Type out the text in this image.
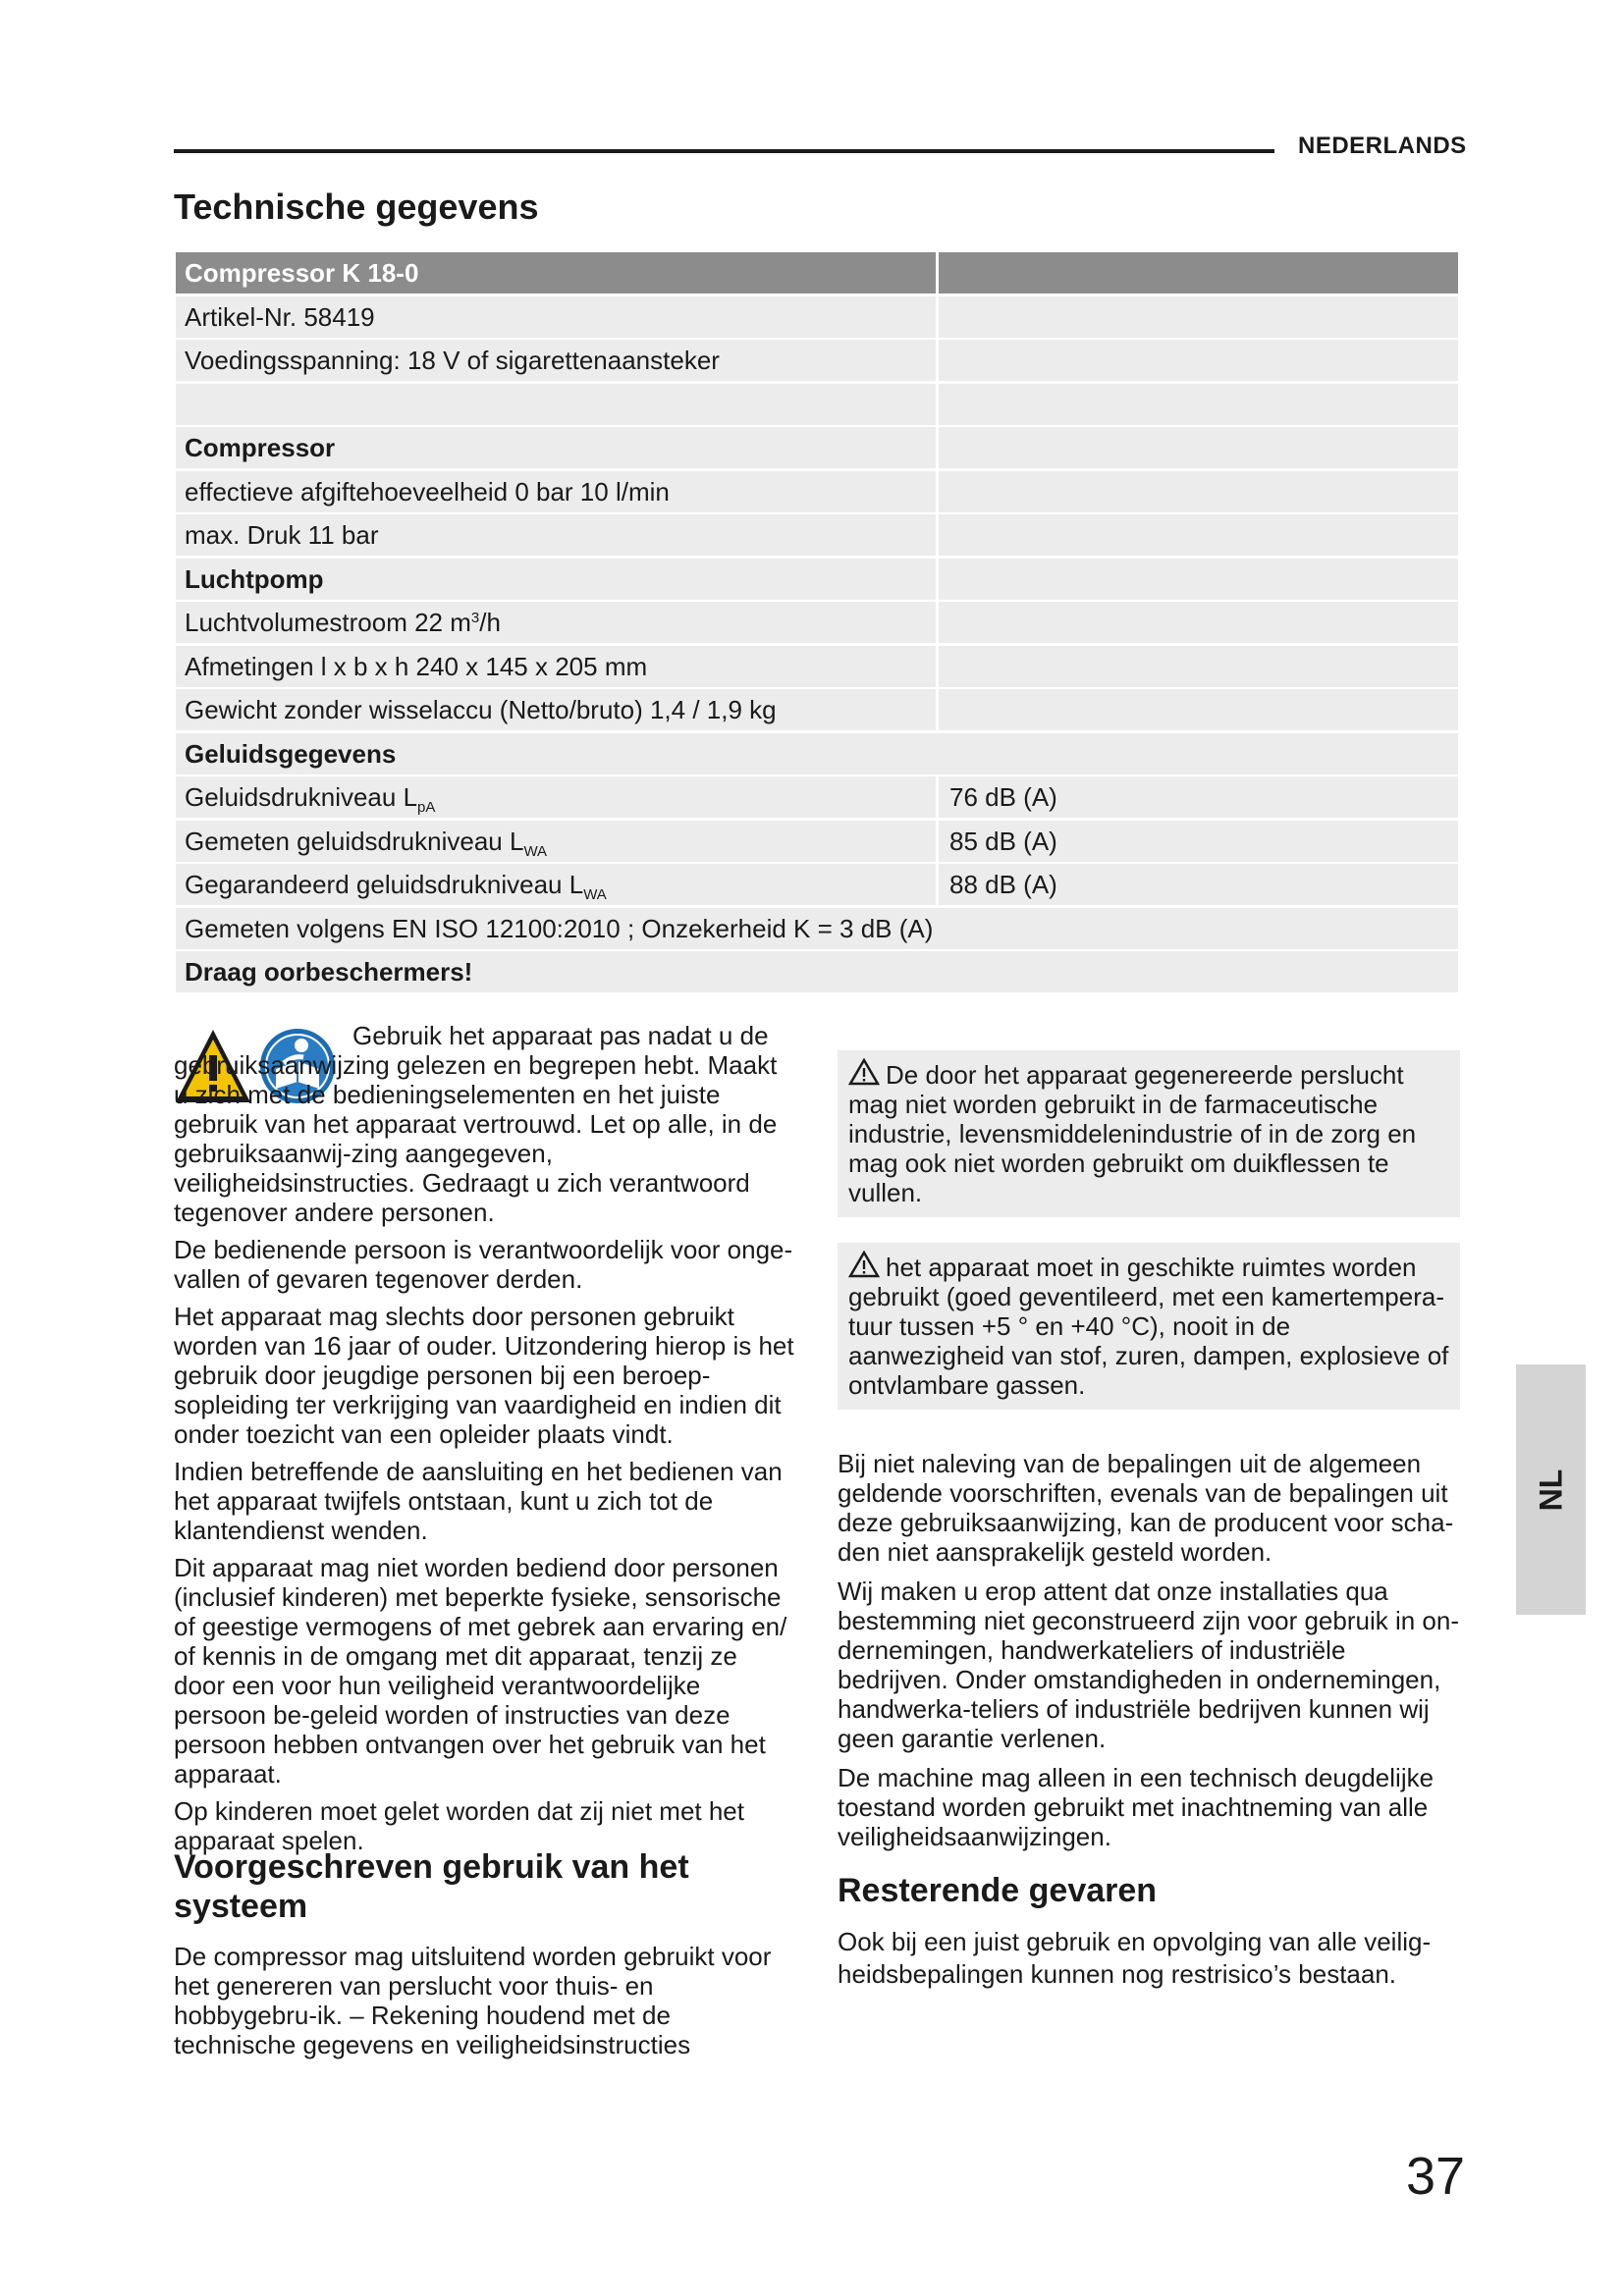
NEDERLANDS
Technische gegevens
Compressor K 18-0
Artikel-Nr. 58419
Voedingsspanning: 18 V of sigarettenaansteker
Compressor
effectieve afgiftehoeveelheid 0 bar 10 l/min
max. Druk 11 bar
Luchtpomp
Luchtvolumestroom 22 $m^3/h$
Afmetingen l x b x h 240 x 145 x 205 mm
Gewicht zonder wisselaccu (Netto/bruto) 1,4 / 1,9 kg
Geluidsgegevens
Geluidsdrukniveau $L_{pA}$	76 dB (A)
Gemeten geluidsdrukniveau $L_{WA}$	85 dB (A)
Gegarandeerd geluidsdrukniveau $L_{WA}$	88 dB (A)
Gemeten volgens EN ISO 12100:2010 ; Onzekerheid K = 3 dB (A)
Draag oorbeschermers!

Gebruik het apparaat pas nadat u de gebruiksaanwijzing gelezen en begrepen hebt. Maakt u zich met de bedieningselementen en het juiste gebruik van het apparaat vertrouwd. Let op alle, in de gebruiksaanwij-zing aangegeven, veiligheidsinstructies. Gedraagt u zich verantwoord tegenover andere personen.

De bedienende persoon is verantwoordelijk voor onge-vallen of gevaren tegenover derden.

Het apparaat mag slechts door personen gebruikt worden van 16 jaar of ouder. Uitzondering hierop is het gebruik door jeugdige personen bij een beroep-sopleiding ter verkrijging van vaardigheid en indien dit onder toezicht van een opleider plaats vindt.

Indien betreffende de aansluiting en het bedienen van het apparaat twijfels ontstaan, kunt u zich tot de klantendienst wenden.

Dit apparaat mag niet worden bediend door personen (inclusief kinderen) met beperkte fysieke, sensorische of geestige vermogens of met gebrek aan ervaring en/ of kennis in de omgang met dit apparaat, tenzij ze door een voor hun veiligheid verantwoordelijke persoon be-geleid worden of instructies van deze persoon hebben ontvangen over het gebruik van het apparaat.

Op kinderen moet gelet worden dat zij niet met het apparaat spelen.

Voorgeschreven gebruik van het systeem

De compressor mag uitsluitend worden gebruikt voor het genereren van perslucht voor thuis- en hobbygebru-ik. – Rekening houdend met de technische gegevens en veiligheidsinstructies

De door het apparaat gegenereerde perslucht mag niet worden gebruikt in de farmaceutische industrie, levensmiddelenindustrie of in de zorg en mag ook niet worden gebruikt om duikflessen te vullen.

het apparaat moet in geschikte ruimtes worden gebruikt (goed geventileerd, met een kamertempera-tuur tussen +5 ° en +40 °C), nooit in de aanwezigheid van stof, zuren, dampen, explosieve of ontvlambare gassen.

Bij niet naleving van de bepalingen uit de algemeen geldende voorschriften, evenals van de bepalingen uit deze gebruiksaanwijzing, kan de producent voor scha-den niet aansprakelijk gesteld worden.

Wij maken u erop attent dat onze installaties qua bestemming niet geconstrueerd zijn voor gebruik in on-dernemingen, handwerkateliers of industriële bedrijven. Onder omstandigheden in ondernemingen, handwerka-teliers of industriële bedrijven kunnen wij geen garantie verlenen.

De machine mag alleen in een technisch deugdelijke toestand worden gebruikt met inachtneming van alle veiligheidsaanwijzingen.

Resterende gevaren

Ook bij een juist gebruik en opvolging van alle veilig-heidsbepalingen kunnen nog restrisico’s bestaan.

NL
37
